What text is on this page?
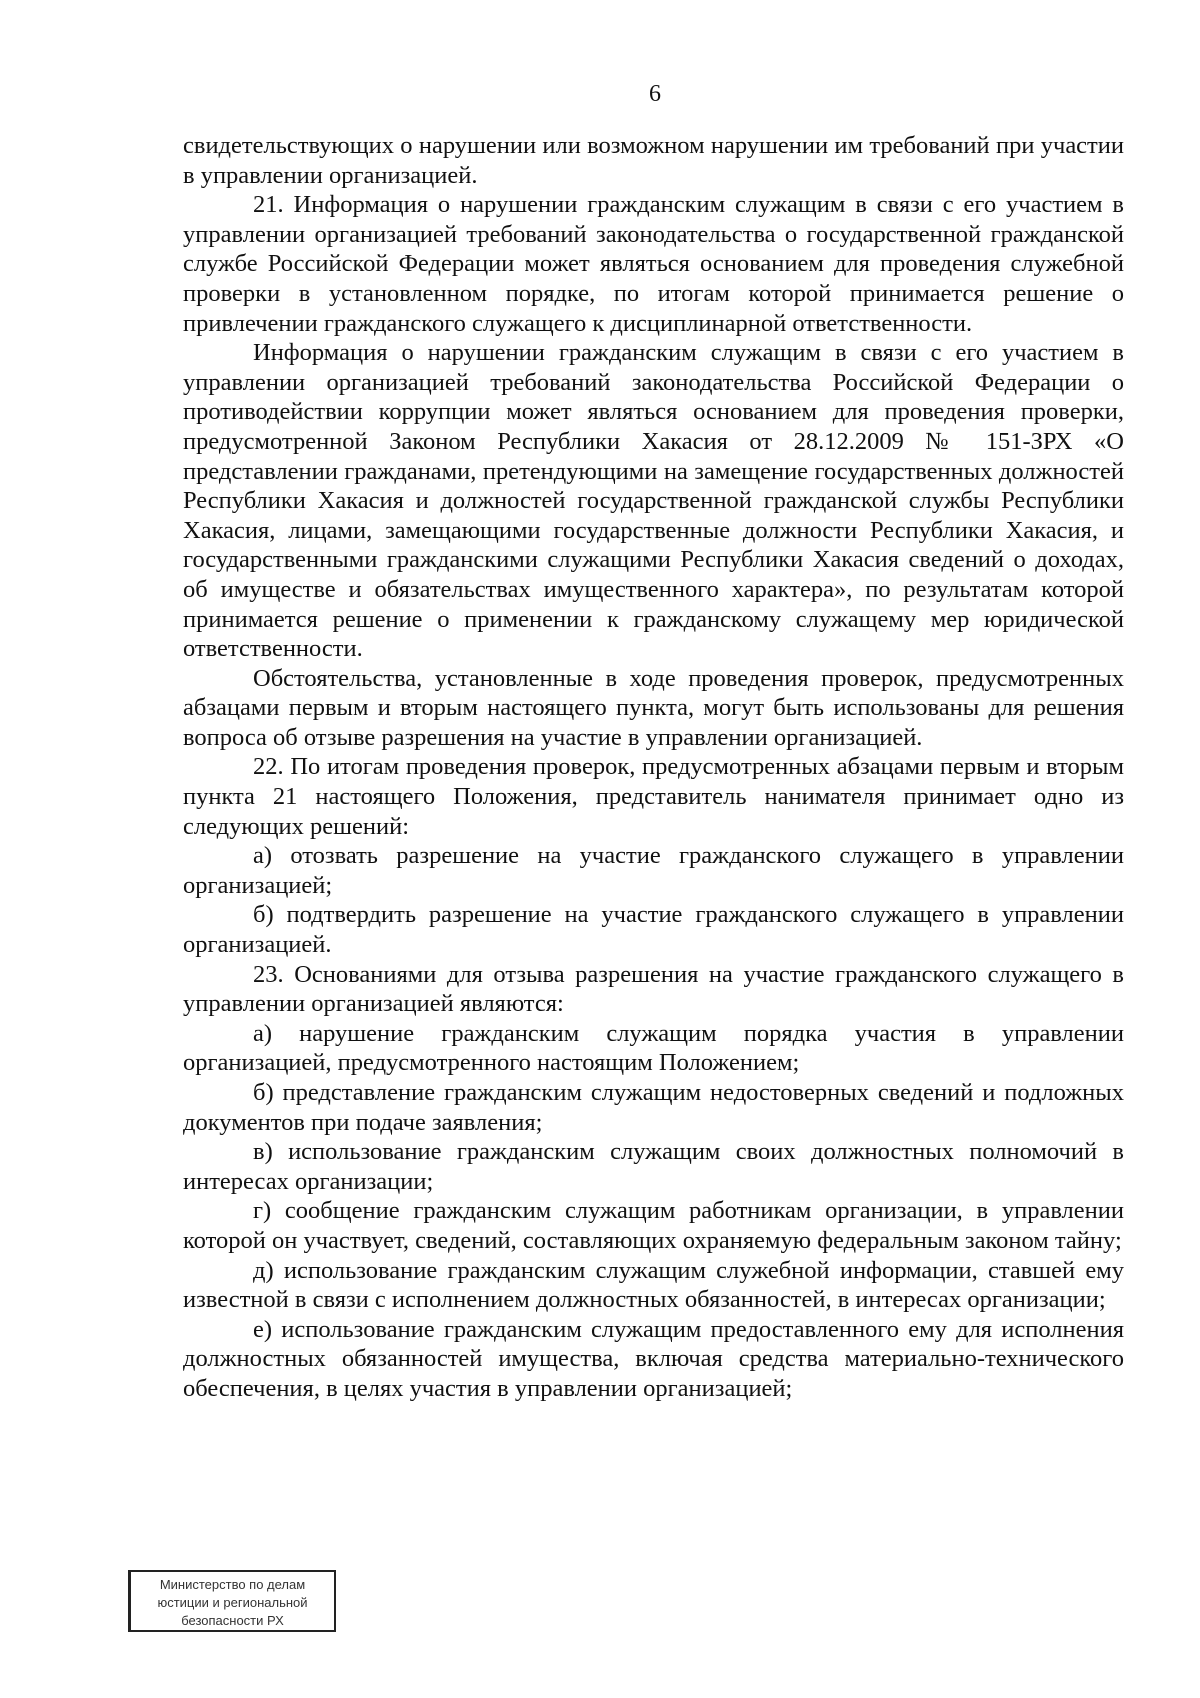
6

свидетельствующих о нарушении или возможном нарушении им требований при участии в управлении организацией.

21. Информация о нарушении гражданским служащим в связи с его участием в управлении организацией требований законодательства о государственной гражданской службе Российской Федерации может являться основанием для проведения служебной проверки в установленном порядке, по итогам которой принимается решение о привлечении гражданского служащего к дисциплинарной ответственности.

Информация о нарушении гражданским служащим в связи с его участием в управлении организацией требований законодательства Российской Федерации о противодействии коррупции может являться основанием для проведения проверки, предусмотренной Законом Республики Хакасия от 28.12.2009 № 151-ЗРХ «О представлении гражданами, претендующими на замещение государственных должностей Республики Хакасия и должностей государственной гражданской службы Республики Хакасия, лицами, замещающими государственные должности Республики Хакасия, и государственными гражданскими служащими Республики Хакасия сведений о доходах, об имуществе и обязательствах имущественного характера», по результатам которой принимается решение о применении к гражданскому служащему мер юридической ответственности.

Обстоятельства, установленные в ходе проведения проверок, предусмотренных абзацами первым и вторым настоящего пункта, могут быть использованы для решения вопроса об отзыве разрешения на участие в управлении организацией.

22. По итогам проведения проверок, предусмотренных абзацами первым и вторым пункта 21 настоящего Положения, представитель нанимателя принимает одно из следующих решений:

а) отозвать разрешение на участие гражданского служащего в управлении организацией;

б) подтвердить разрешение на участие гражданского служащего в управлении организацией.

23. Основаниями для отзыва разрешения на участие гражданского служащего в управлении организацией являются:

а) нарушение гражданским служащим порядка участия в управлении организацией, предусмотренного настоящим Положением;

б) представление гражданским служащим недостоверных сведений и подложных документов при подаче заявления;

в) использование гражданским служащим своих должностных полномочий в интересах организации;

г) сообщение гражданским служащим работникам организации, в управлении которой он участвует, сведений, составляющих охраняемую федеральным законом тайну;

д) использование гражданским служащим служебной информации, ставшей ему известной в связи с исполнением должностных обязанностей, в интересах организации;

е) использование гражданским служащим предоставленного ему для исполнения должностных обязанностей имущества, включая средства материально-технического обеспечения, в целях участия в управлении организацией;

Министерство по делам
юстиции и региональной
безопасности РХ
